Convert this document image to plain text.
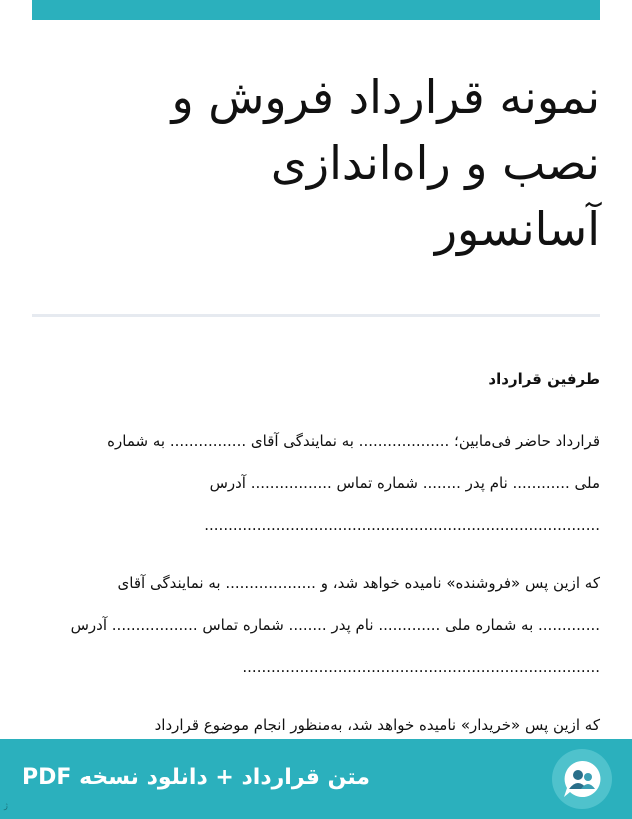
نمونه قرارداد فروش و
نصب و راه‌اندازی
آسانسور
طرفین قرارداد

قرارداد حاضر فی‌مابین؛ ................... به نمایندگی آقای ................ به شماره
ملی ............ نام پدر ........ شماره تماس ................. آدرس
...................................................................................

که ازین پس «فروشنده» نامیده خواهد شد، و ................... به نمایندگی آقای
............. به شماره ملی ............. نام پدر ........ شماره تماس .................. آدرس
...........................................................................

که ازین پس «خریدار» نامیده خواهد شد، به‌منظور انجام موضوع قرارداد

متن قرارداد + دانلود نسخه PDF
ژ
